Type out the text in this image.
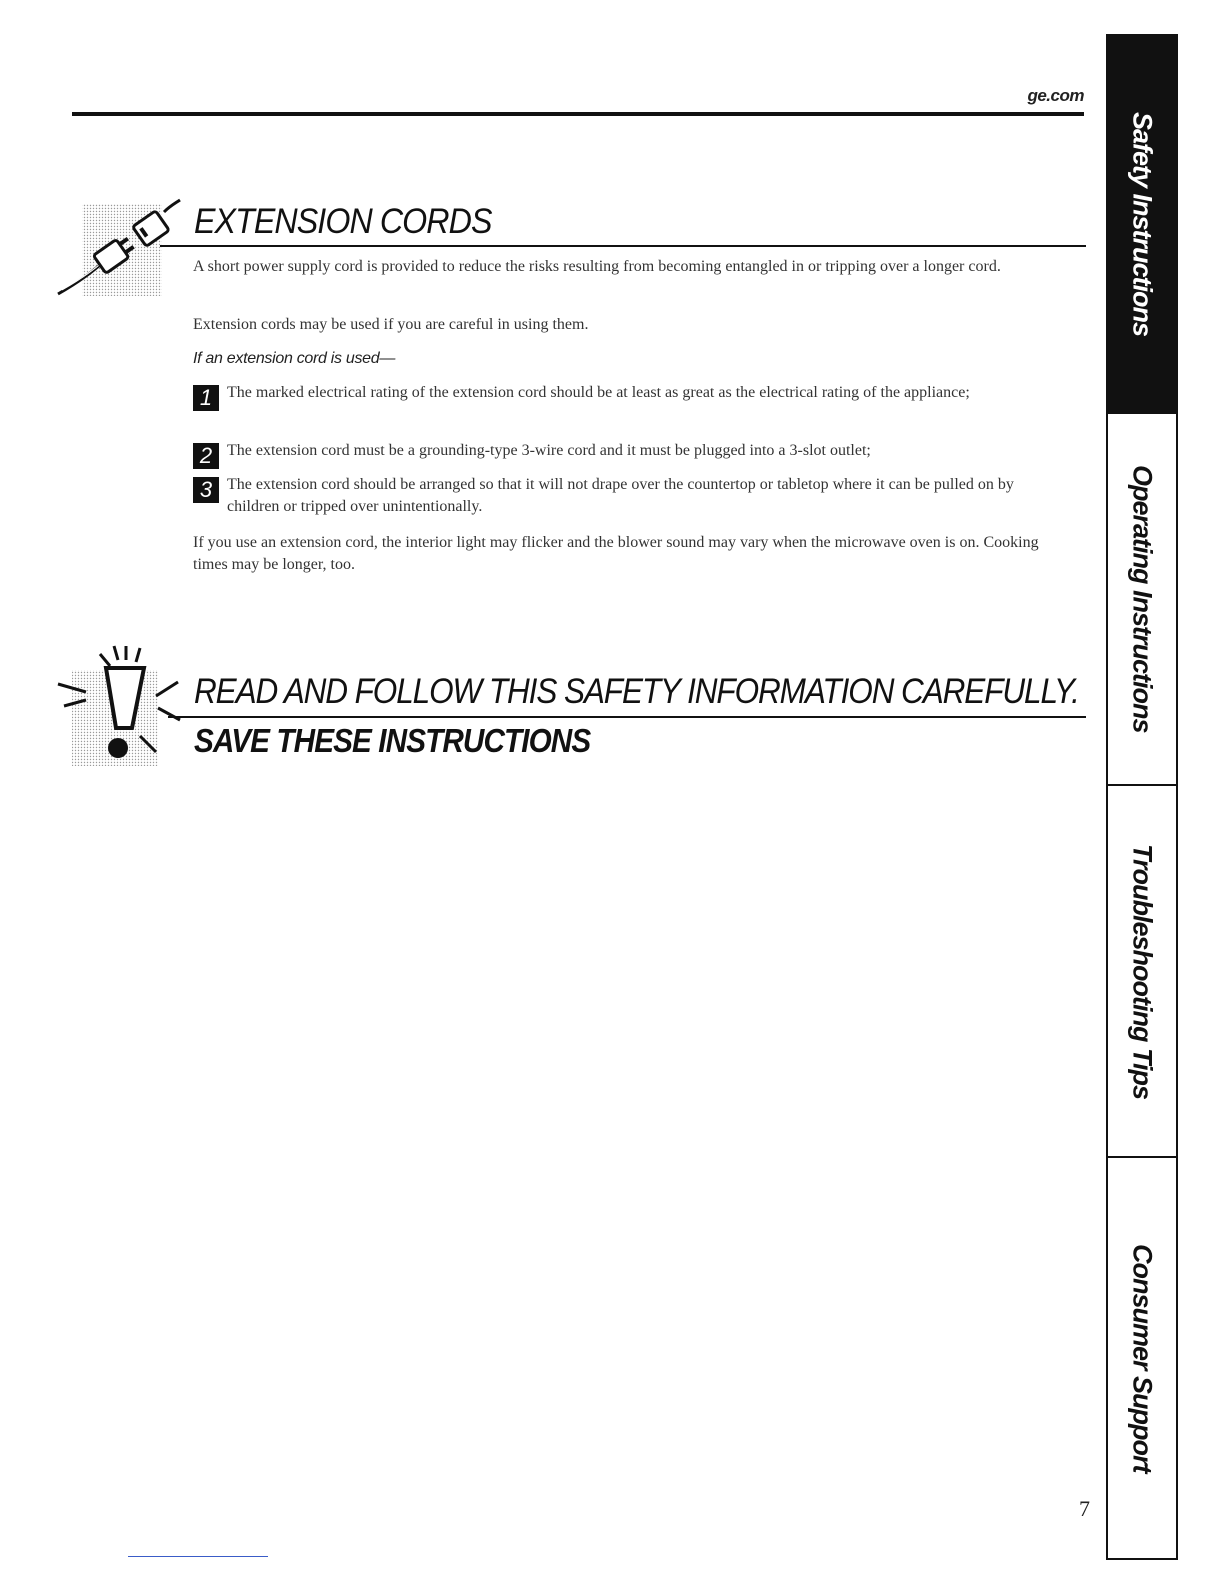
ge.com
Safety Instructions
Operating Instructions
Troubleshooting Tips
Consumer Support
EXTENSION CORDS
A short power supply cord is provided to reduce the risks resulting from becoming entangled in or tripping over a longer cord.
Extension cords may be used if you are careful in using them.
If an extension cord is used—
1 The marked electrical rating of the extension cord should be at least as great as the electrical rating of the appliance;
2 The extension cord must be a grounding-type 3-wire cord and it must be plugged into a 3-slot outlet;
3 The extension cord should be arranged so that it will not drape over the countertop or tabletop where it can be pulled on by children or tripped over unintentionally.
If you use an extension cord, the interior light may flicker and the blower sound may vary when the microwave oven is on. Cooking times may be longer, too.
READ AND FOLLOW THIS SAFETY INFORMATION CAREFULLY.
SAVE THESE INSTRUCTIONS
7
